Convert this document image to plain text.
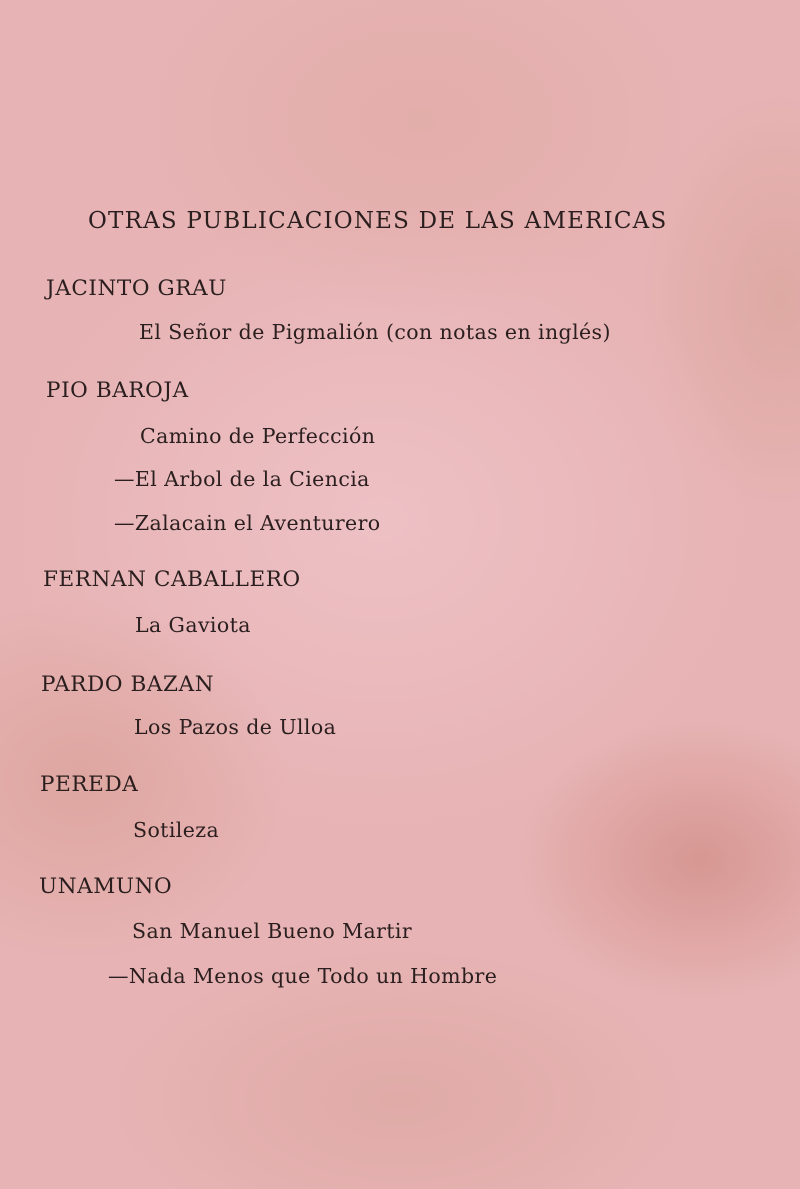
OTRAS PUBLICACIONES DE LAS AMERICAS
JACINTO GRAU
El Señor de Pigmalión (con notas en inglés)
PIO BAROJA
Camino de Perfección
—El Arbol de la Ciencia
—Zalacain el Aventurero
FERNAN CABALLERO
La Gaviota
PARDO BAZAN
Los Pazos de Ulloa
PEREDA
Sotileza
UNAMUNO
San Manuel Bueno Martir
—Nada Menos que Todo un Hombre
